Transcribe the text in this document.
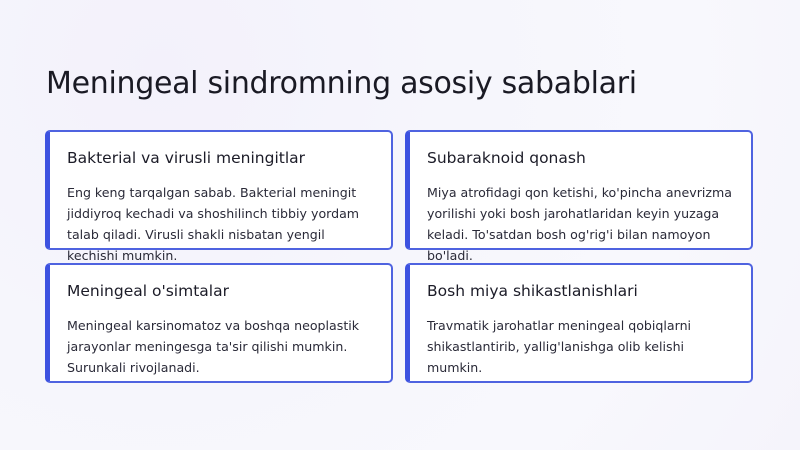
Meningeal sindromning asosiy sabablari
Bakterial va virusli meningitlar

Eng keng tarqalgan sabab. Bakterial meningit jiddiyroq kechadi va shoshilinch tibbiy yordam talab qiladi. Virusli shakli nisbatan yengil kechishi mumkin.

Subaraknoid qonash

Miya atrofidagi qon ketishi, ko'pincha anevrizma yorilishi yoki bosh jarohatlaridan keyin yuzaga keladi. To'satdan bosh og'rig'i bilan namoyon bo'ladi.

Meningeal o'simtalar

Meningeal karsinomatoz va boshqa neoplastik jarayonlar meningesga ta'sir qilishi mumkin. Surunkali rivojlanadi.

Bosh miya shikastlanishlari

Travmatik jarohatlar meningeal qobiqlarni shikastlantirib, yallig'lanishga olib kelishi mumkin.
